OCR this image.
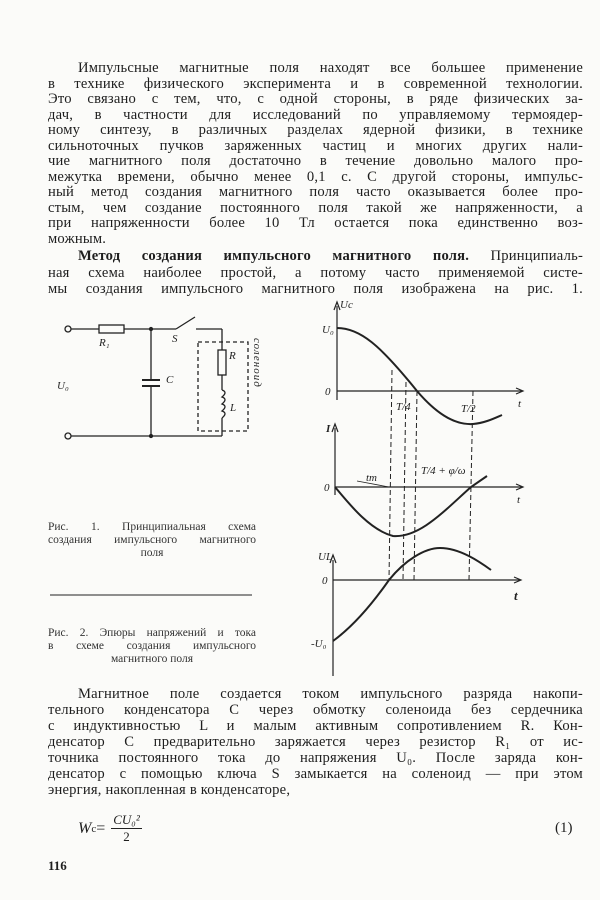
Импульсные магнитные поля находят все большее применение
в технике физического эксперимента и в современной технологии.
Это связано с тем, что, с одной стороны, в ряде физических за-
дач, в частности для исследований по управляемому термоядер-
ному синтезу, в различных разделах ядерной физики, в технике
сильноточных пучков заряженных частиц и многих других нали-
чие магнитного поля достаточно в течение довольно малого про-
межутка времени, обычно менее 0,1 с. С другой стороны, импульс-
ный метод создания магнитного поля часто оказывается более про-
стым, чем создание постоянного поля такой же напряженности, а
при напряженности более 10 Тл остается пока единственно воз-
можным.
Метод создания импульсного магнитного поля. Принципиаль-
ная схема наиболее простой, а потому часто применяемой систе-
мы создания импульсного магнитного поля изображена на рис. 1.
R₁	S
C
R
L
U₀	соленоид
Uc
U₀
0
t
T/4	T/2
I
0
t
tm
T/4 + φ/ω
UL
0
t
-U₀
Рис. 1. Принципиальная схема
создания импульсного магнитного
поля
Рис. 2. Эпюры напряжений и тока
в схеме создания импульсного
магнитного поля
Магнитное поле создается током импульсного разряда накопи-
тельного конденсатора C через обмотку соленоида без сердечника
с индуктивностью L и малым активным сопротивлением R. Кон-
денсатор C предварительно заряжается через резистор R₁ от ис-
точника постоянного тока до напряжения U₀. После заряда кон-
денсатор с помощью ключа S замыкается на соленоид — при этом
энергия, накопленная в конденсаторе,
W $c = \frac{\text{CU₀²}}{2}$	(1)
116
